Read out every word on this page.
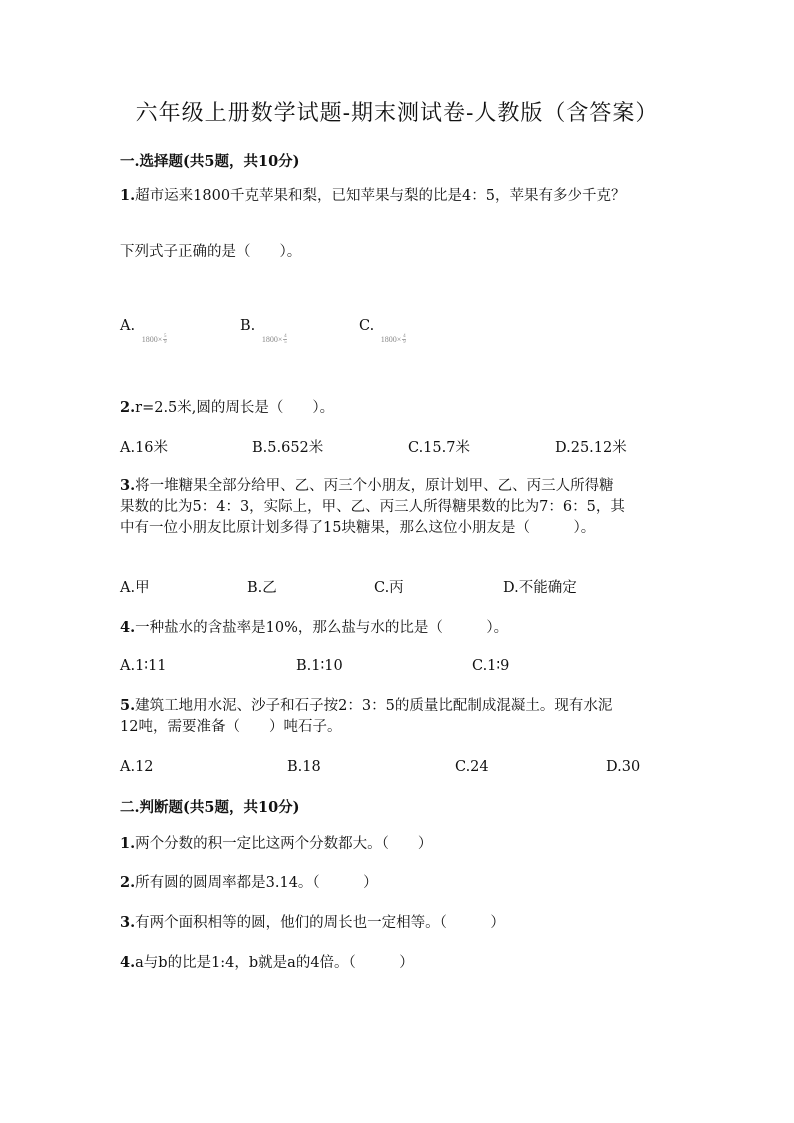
六年级上册数学试题-期末测试卷-人教版（含答案）
一.选择题(共5题，共10分)
1.超市运来1800千克苹果和梨，已知苹果与梨的比是4：5，苹果有多少千克？
下列式子正确的是（　　）。
A.
1800× 5
9
B.
1800× 4
5
C.
1800× 4
9
2.r=2.5米,圆的周长是（　　）。
A.16米	B.5.652米	C.15.7米	D.25.12米
3.将一堆糖果全部分给甲、乙、丙三个小朋友，原计划甲、乙、丙三人所得糖
果数的比为5：4：3，实际上，甲、乙、丙三人所得糖果数的比为7：6：5，其
中有一位小朋友比原计划多得了15块糖果，那么这位小朋友是（　　　）。
A.甲	B.乙	C.丙	D.不能确定
4.一种盐水的含盐率是10%，那么盐与水的比是（　　　）。
A.1∶11	B.1∶10	C.1∶9
5.建筑工地用水泥、沙子和石子按2：3：5的质量比配制成混凝土。现有水泥
12吨，需要准备（　　）吨石子。
A.12	B.18	C.24	D.30
二.判断题(共5题，共10分)
1.两个分数的积一定比这两个分数都大。（　　）
2.所有圆的圆周率都是3.14。（　　　）
3.有两个面积相等的圆，他们的周长也一定相等。（　　　）
4.a与b的比是1:4，b就是a的4倍。（　　　）
